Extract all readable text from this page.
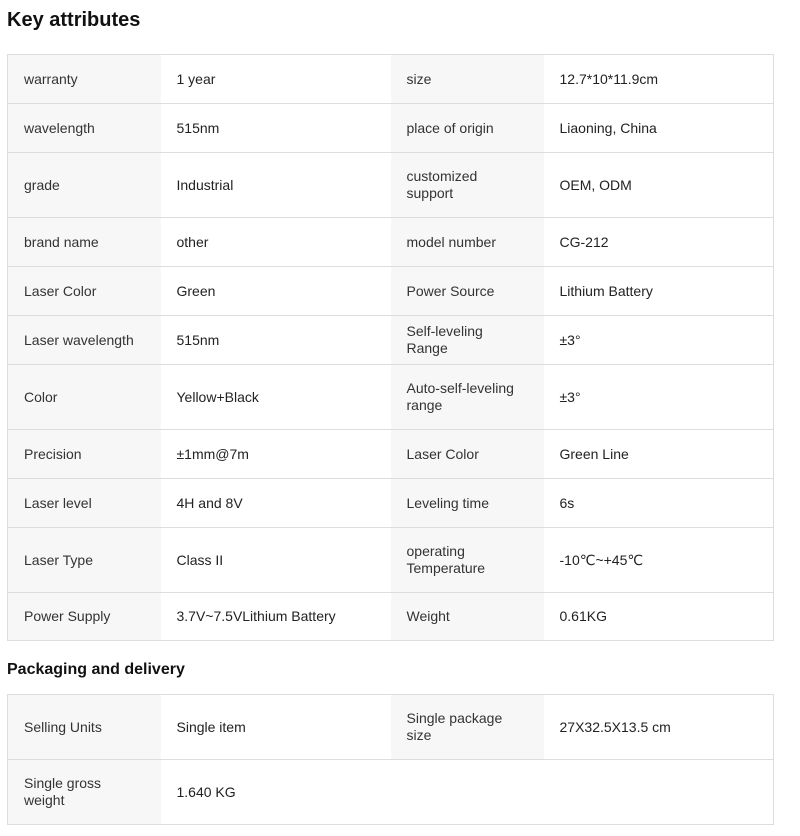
Key attributes
warranty	1 year	size	12.7*10*11.9cm
wavelength	515nm	place of origin	Liaoning, China
grade	Industrial	customized support	OEM, ODM
brand name	other	model number	CG-212
Laser Color	Green	Power Source	Lithium Battery
Laser wavelength	515nm	Self-leveling Range	±3°
Color	Yellow+Black	Auto-self-leveling range	±3°
Precision	±1mm@7m	Laser Color	Green Line
Laser level	4H and 8V	Leveling time	6s
Laser Type	Class II	operating Temperature	-10℃~+45℃
Power Supply	3.7V~7.5VLithium Battery	Weight	0.61KG
Packaging and delivery
Selling Units	Single item	Single package size	27X32.5X13.5 cm
Single gross weight	1.640 KG		
